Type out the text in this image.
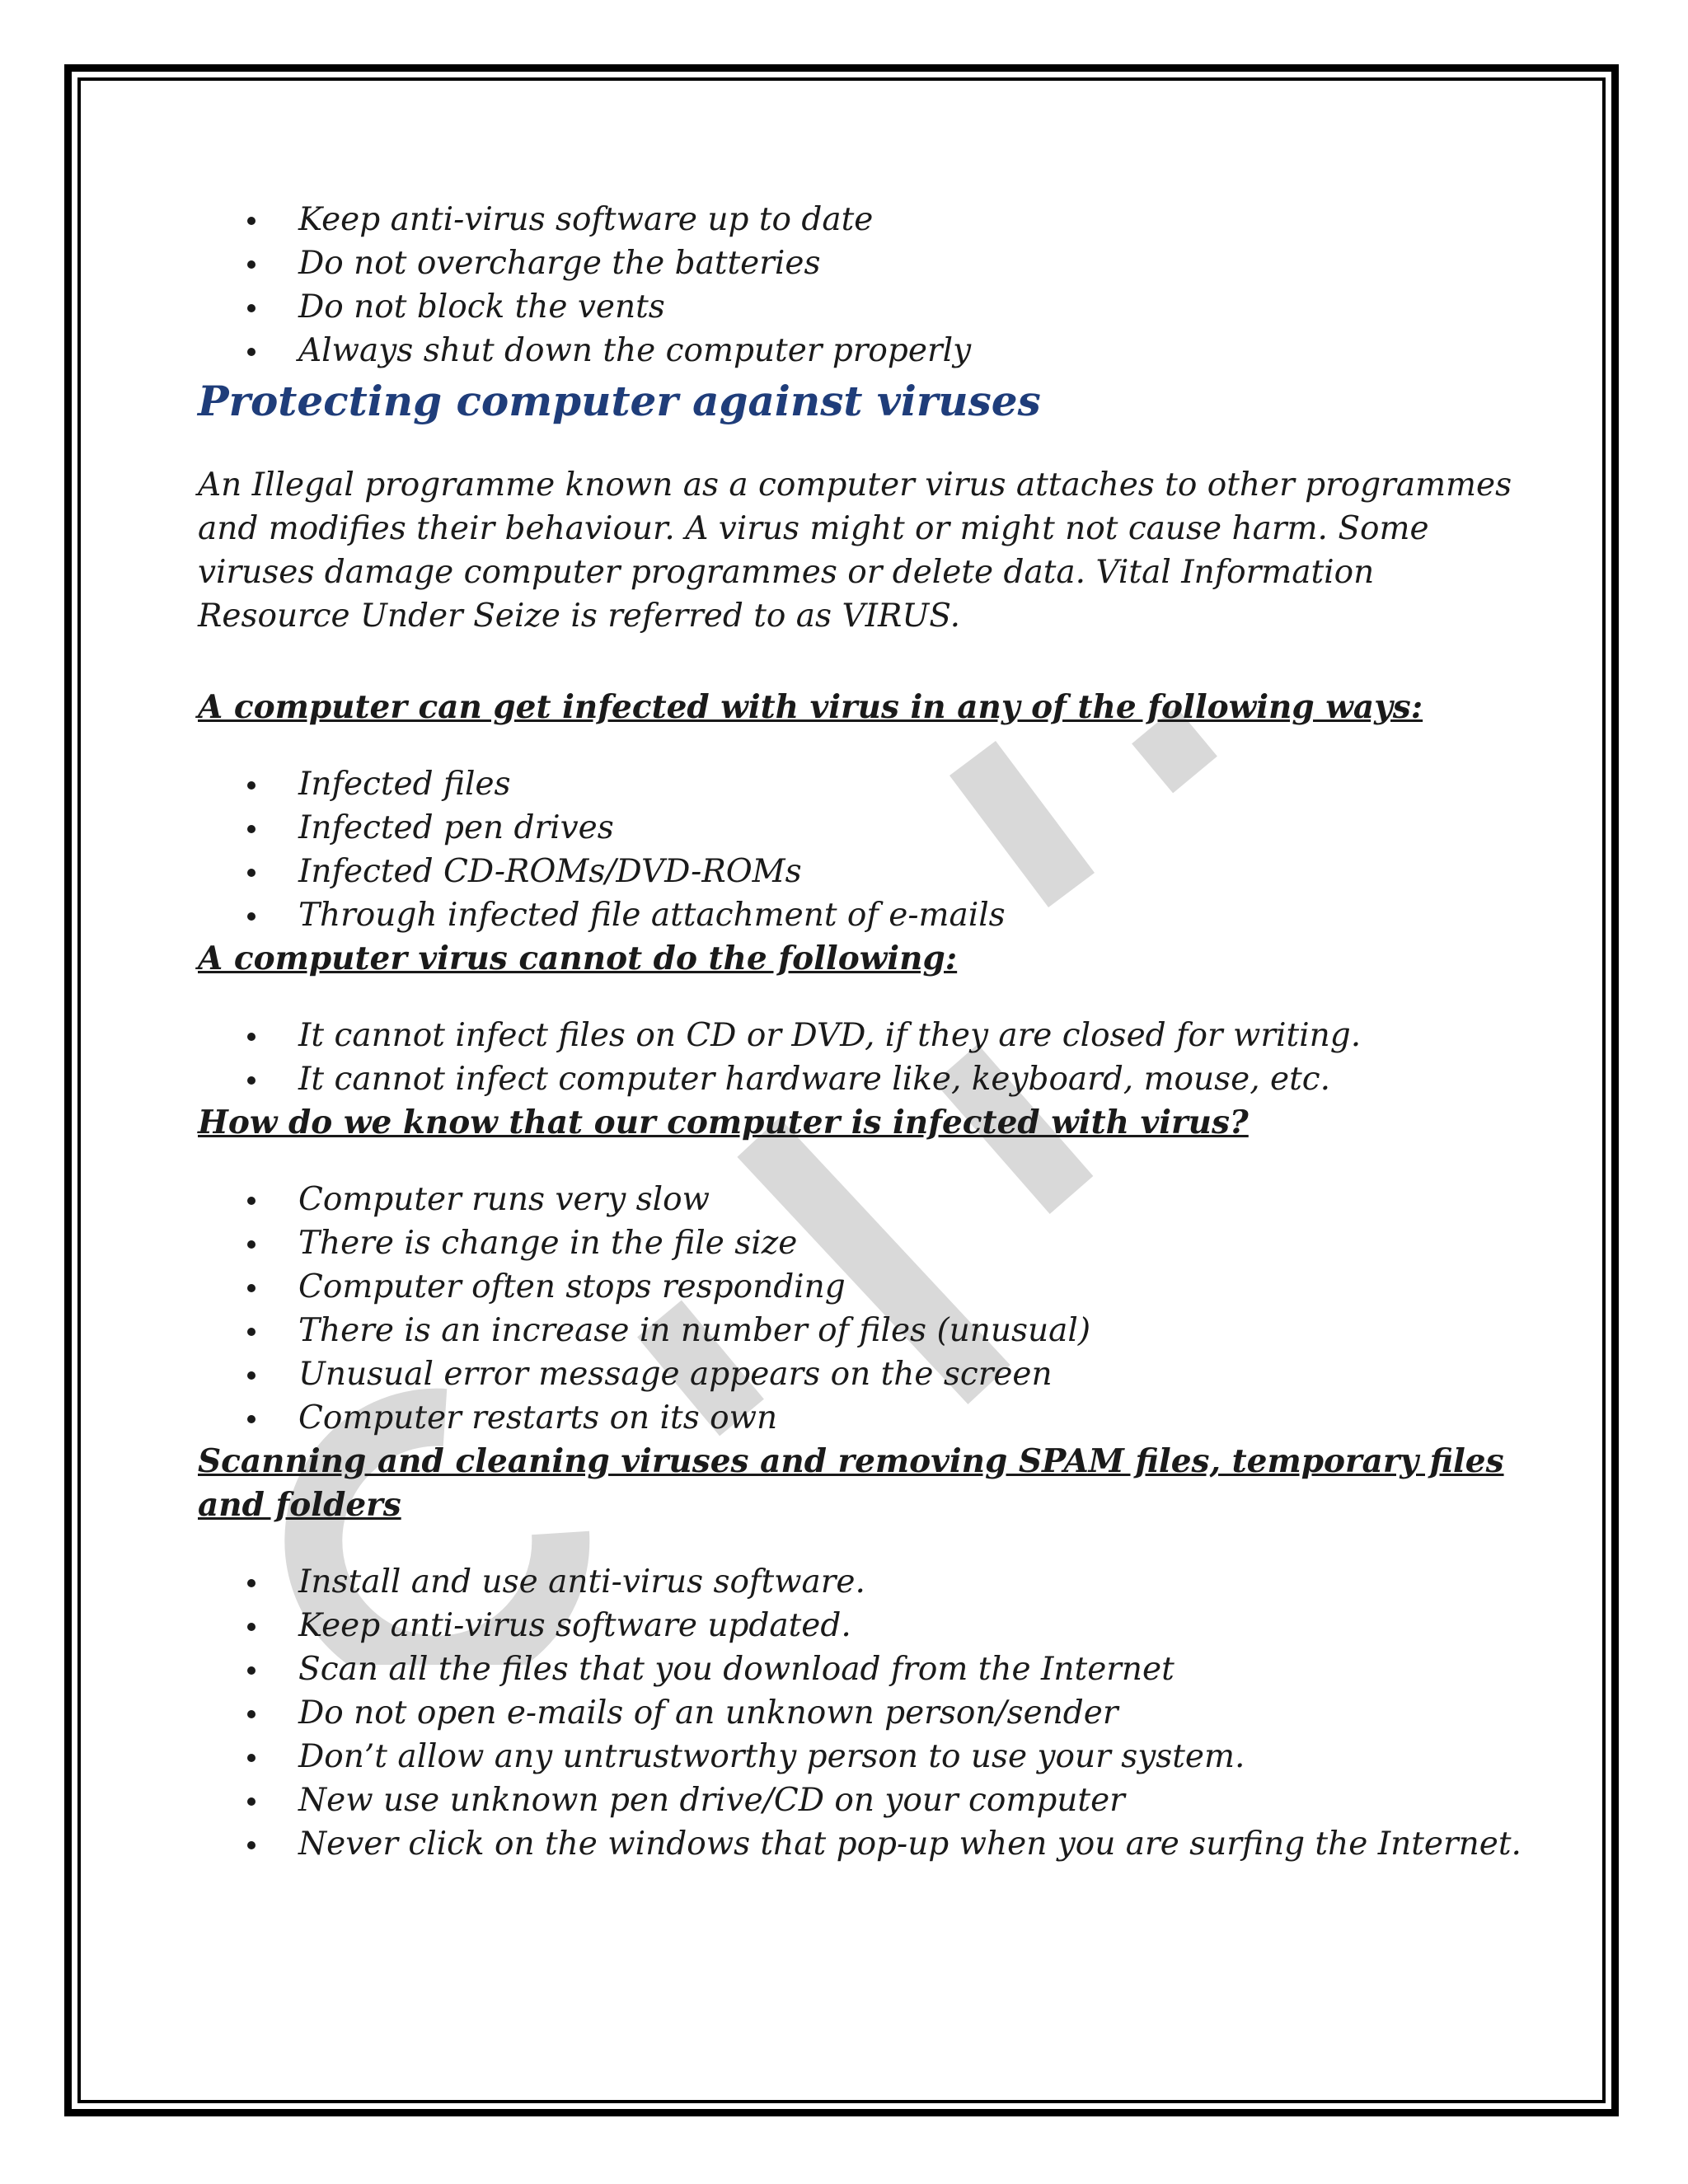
Keep anti-virus software up to date
Do not overcharge the batteries
Do not block the vents
Always shut down the computer properly
Protecting computer against viruses

An Illegal programme known as a computer virus attaches to other programmes and modifies their behaviour. A virus might or might not cause harm. Some viruses damage computer programmes or delete data. Vital Information Resource Under Seize is referred to as VIRUS.

A computer can get infected with virus in any of the following ways:

Infected files
Infected pen drives
Infected CD-ROMs/DVD-ROMs
Through infected file attachment of e-mails

A computer virus cannot do the following:

It cannot infect files on CD or DVD, if they are closed for writing.
It cannot infect computer hardware like, keyboard, mouse, etc.

How do we know that our computer is infected with virus?

Computer runs very slow
There is change in the file size
Computer often stops responding
There is an increase in number of files (unusual)
Unusual error message appears on the screen
Computer restarts on its own

Scanning and cleaning viruses and removing SPAM files, temporary files and folders

Install and use anti-virus software.
Keep anti-virus software updated.
Scan all the files that you download from the Internet
Do not open e-mails of an unknown person/sender
Don’t allow any untrustworthy person to use your system.
New use unknown pen drive/CD on your computer
Never click on the windows that pop-up when you are surfing the Internet.
